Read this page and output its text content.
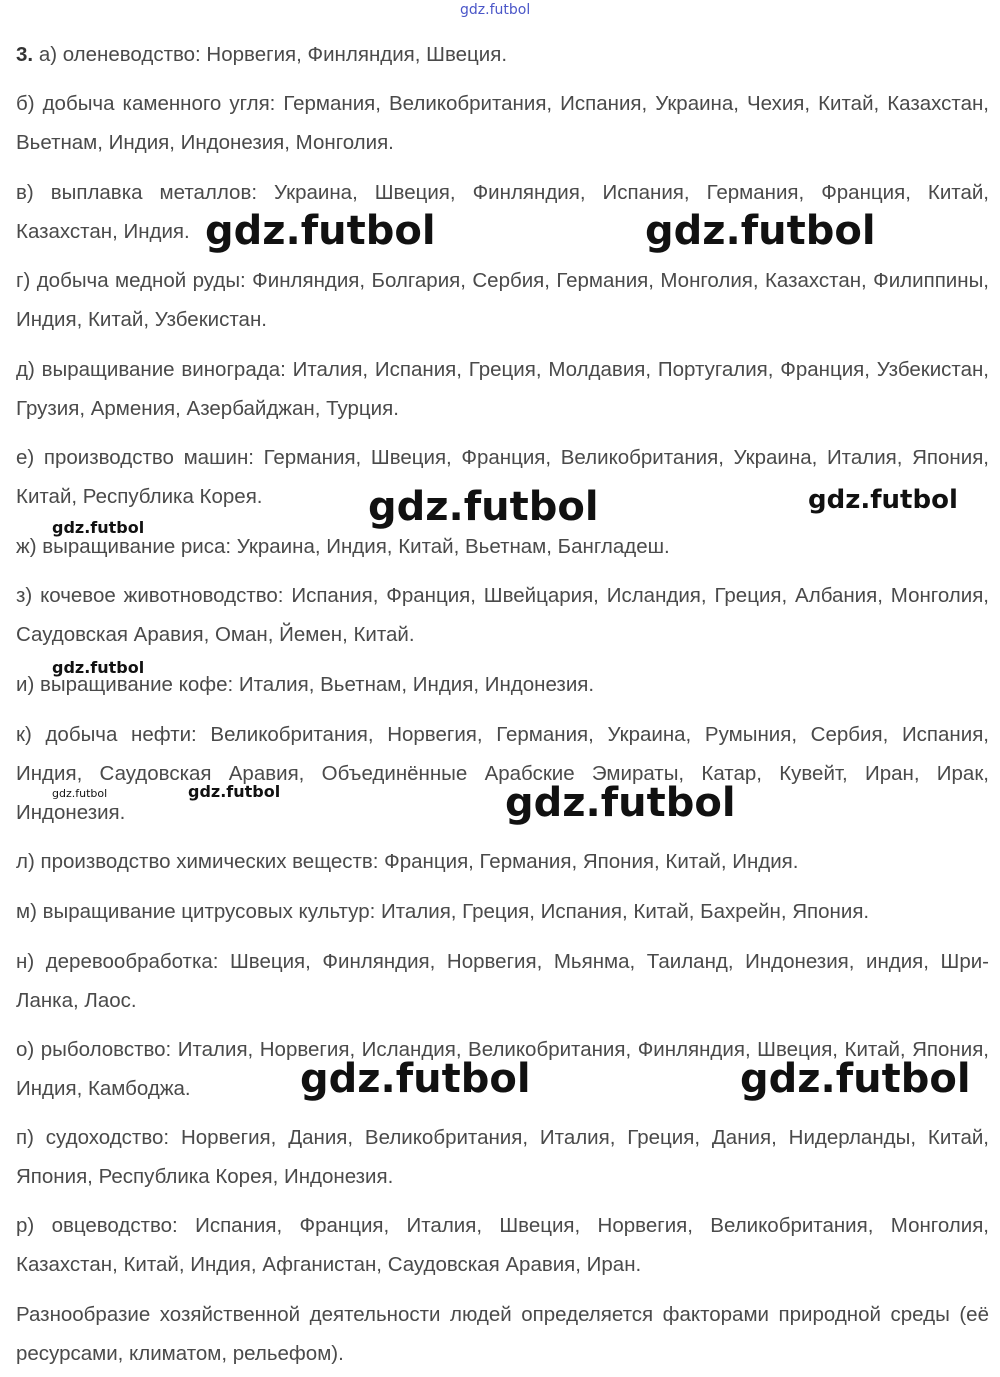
gdz.futbol

3. а) оленеводство: Норвегия, Финляндия, Швеция.

б) добыча каменного угля: Германия, Великобритания, Испания, Украина, Чехия, Китай, Казахстан, Вьетнам, Индия, Индонезия, Монголия.

в) выплавка металлов: Украина, Швеция, Финляндия, Испания, Германия, Франция, Китай, Казахстан, Индия.

г) добыча медной руды: Финляндия, Болгария, Сербия, Германия, Монголия, Казахстан, Филиппины, Индия, Китай, Узбекистан.

д) выращивание винограда: Италия, Испания, Греция, Молдавия, Португалия, Франция, Узбекистан, Грузия, Армения, Азербайджан, Турция.

е) производство машин: Германия, Швеция, Франция, Великобритания, Украина, Италия, Япония, Китай, Республика Корея.

ж) выращивание риса: Украина, Индия, Китай, Вьетнам, Бангладеш.

з) кочевое животноводство: Испания, Франция, Швейцария, Исландия, Греция, Албания, Монголия, Саудовская Аравия, Оман, Йемен, Китай.

и) выращивание кофе: Италия, Вьетнам, Индия, Индонезия.

к) добыча нефти: Великобритания, Норвегия, Германия, Украина, Румыния, Сербия, Испания, Индия, Саудовская Аравия, Объединённые Арабские Эмираты, Катар, Кувейт, Иран, Ирак, Индонезия.

л) производство химических веществ: Франция, Германия, Япония, Китай, Индия.

м) выращивание цитрусовых культур: Италия, Греция, Испания, Китай, Бахрейн, Япония.

н) деревообработка: Швеция, Финляндия, Норвегия, Мьянма, Таиланд, Индонезия, индия, Шри-Ланка, Лаос.

о) рыболовство: Италия, Норвегия, Исландия, Великобритания, Финляндия, Швеция, Китай, Япония, Индия, Камбоджа.

п) судоходство: Норвегия, Дания, Великобритания, Италия, Греция, Дания, Нидерланды, Китай, Япония, Республика Корея, Индонезия.

р) овцеводство: Испания, Франция, Италия, Швеция, Норвегия, Великобритания, Монголия, Казахстан, Китай, Индия, Афганистан, Саудовская Аравия, Иран.

Разнообразие хозяйственной деятельности людей определяется факторами природной среды (её ресурсами, климатом, рельефом).

gdz.futbol	gdz.futbol
gdz.futbol	gdz.futbol
gdz.futbol
gdz.futbol
gdz.futbol	gdz.futbol	gdz.futbol
gdz.futbol	gdz.futbol
